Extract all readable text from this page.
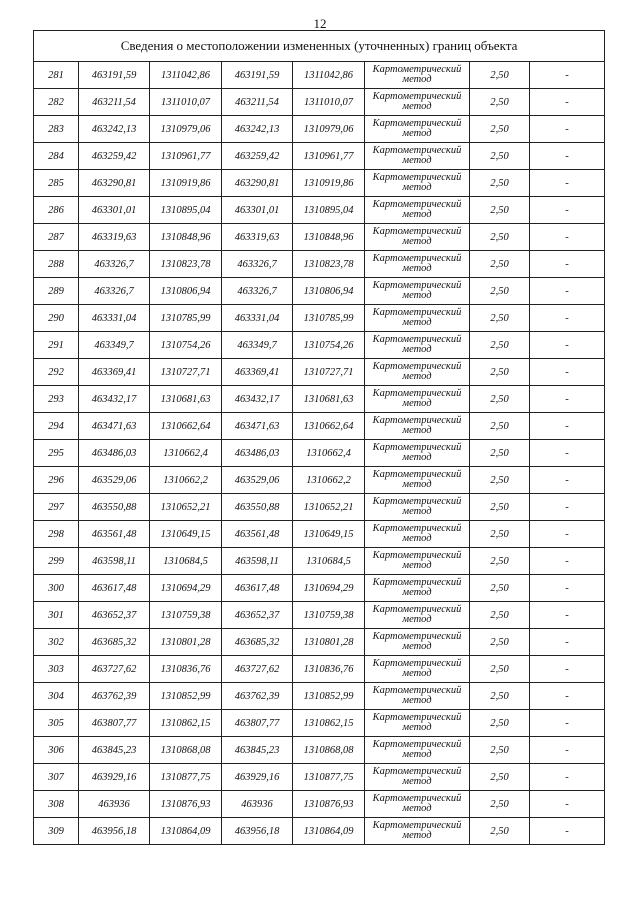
12
Сведения о местоположении измененных (уточненных) границ объекта							
281	463191,59	1311042,86	463191,59	1311042,86	Картометрический метод	2,50	-
282	463211,54	1311010,07	463211,54	1311010,07	Картометрический метод	2,50	-
283	463242,13	1310979,06	463242,13	1310979,06	Картометрический метод	2,50	-
284	463259,42	1310961,77	463259,42	1310961,77	Картометрический метод	2,50	-
285	463290,81	1310919,86	463290,81	1310919,86	Картометрический метод	2,50	-
286	463301,01	1310895,04	463301,01	1310895,04	Картометрический метод	2,50	-
287	463319,63	1310848,96	463319,63	1310848,96	Картометрический метод	2,50	-
288	463326,7	1310823,78	463326,7	1310823,78	Картометрический метод	2,50	-
289	463326,7	1310806,94	463326,7	1310806,94	Картометрический метод	2,50	-
290	463331,04	1310785,99	463331,04	1310785,99	Картометрический метод	2,50	-
291	463349,7	1310754,26	463349,7	1310754,26	Картометрический метод	2,50	-
292	463369,41	1310727,71	463369,41	1310727,71	Картометрический метод	2,50	-
293	463432,17	1310681,63	463432,17	1310681,63	Картометрический метод	2,50	-
294	463471,63	1310662,64	463471,63	1310662,64	Картометрический метод	2,50	-
295	463486,03	1310662,4	463486,03	1310662,4	Картометрический метод	2,50	-
296	463529,06	1310662,2	463529,06	1310662,2	Картометрический метод	2,50	-
297	463550,88	1310652,21	463550,88	1310652,21	Картометрический метод	2,50	-
298	463561,48	1310649,15	463561,48	1310649,15	Картометрический метод	2,50	-
299	463598,11	1310684,5	463598,11	1310684,5	Картометрический метод	2,50	-
300	463617,48	1310694,29	463617,48	1310694,29	Картометрический метод	2,50	-
301	463652,37	1310759,38	463652,37	1310759,38	Картометрический метод	2,50	-
302	463685,32	1310801,28	463685,32	1310801,28	Картометрический метод	2,50	-
303	463727,62	1310836,76	463727,62	1310836,76	Картометрический метод	2,50	-
304	463762,39	1310852,99	463762,39	1310852,99	Картометрический метод	2,50	-
305	463807,77	1310862,15	463807,77	1310862,15	Картометрический метод	2,50	-
306	463845,23	1310868,08	463845,23	1310868,08	Картометрический метод	2,50	-
307	463929,16	1310877,75	463929,16	1310877,75	Картометрический метод	2,50	-
308	463936	1310876,93	463936	1310876,93	Картометрический метод	2,50	-
309	463956,18	1310864,09	463956,18	1310864,09	Картометрический метод	2,50	-
